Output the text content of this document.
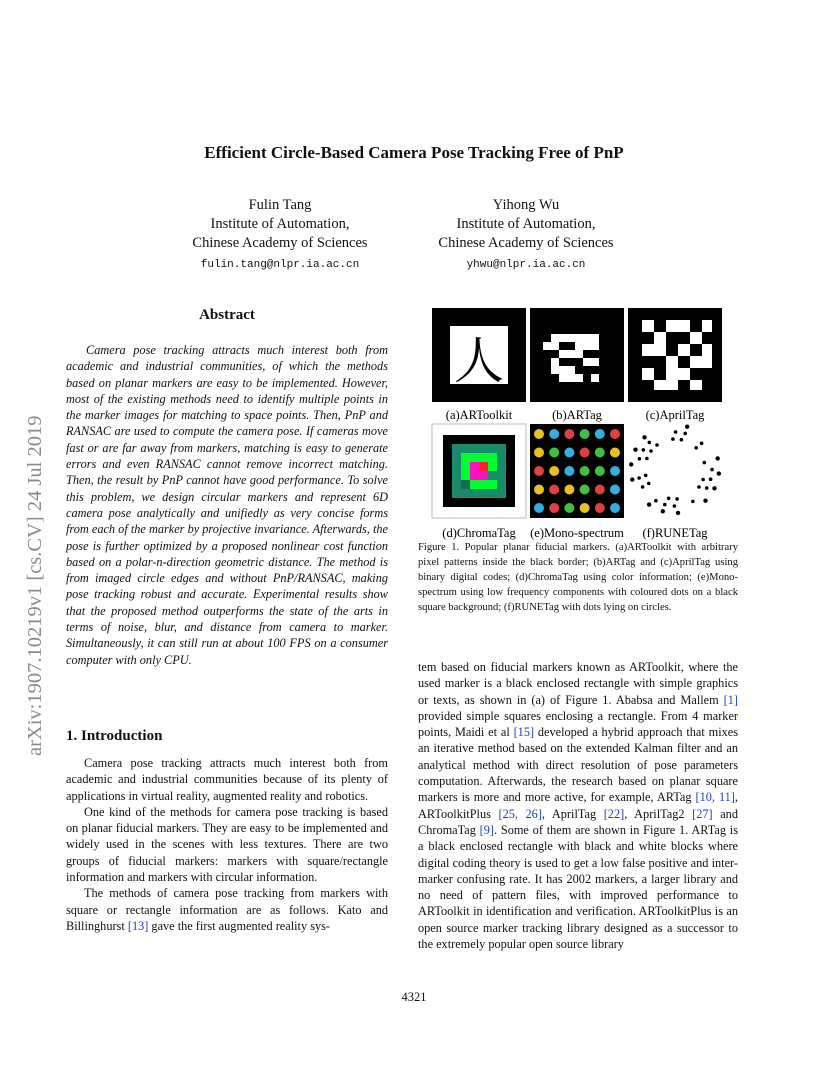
arXiv:1907.10219v1 [cs.CV] 24 Jul 2019
Efficient Circle-Based Camera Pose Tracking Free of PnP
Fulin Tang
Institute of Automation,
Chinese Academy of Sciences
fulin.tang@nlpr.ia.ac.cn
Yihong Wu
Institute of Automation,
Chinese Academy of Sciences
yhwu@nlpr.ia.ac.cn
Abstract

Camera pose tracking attracts much interest both from academic and industrial communities, of which the methods based on planar markers are easy to be implemented. However, most of the existing methods need to identify multiple points in the marker images for matching to space points. Then, PnP and RANSAC are used to compute the camera pose. If cameras move fast or are far away from markers, matching is easy to generate errors and even RANSAC cannot remove incorrect matching. Then, the result by PnP cannot have good performance. To solve this problem, we design circular markers and represent 6D camera pose analytically and unifiedly as very concise forms from each of the marker by projective invariance. Afterwards, the pose is further optimized by a proposed nonlinear cost function based on a polar-n-direction geometric distance. The method is from imaged circle edges and without PnP/RANSAC, making pose tracking robust and accurate. Experimental results show that the proposed method outperforms the state of the arts in terms of noise, blur, and distance from camera to marker. Simultaneously, it can still run at about 100 FPS on a consumer computer with only CPU.

1. Introduction

Camera pose tracking attracts much interest both from academic and industrial communities because of its plenty of applications in virtual reality, augmented reality and robotics.

One kind of the methods for camera pose tracking is based on planar fiducial markers. They are easy to be implemented and widely used in the scenes with less textures. There are two groups of fiducial markers: markers with square/rectangle information and markers with circular information.

The methods of camera pose tracking from markers with square or rectangle information are as follows. Kato and Billinghurst [13] gave the first augmented reality sys-

人
(a)ARToolkit	(b)ARTag	(c)AprilTag
(d)ChromaTag (e)Mono-spectrum (f)RUNETag

Figure 1. Popular planar fiducial markers. (a)ARToolkit with arbitrary pixel patterns inside the black border; (b)ARTag and (c)AprilTag using binary digital codes; (d)ChromaTag using color information; (e)Mono-spectrum using low frequency components with coloured dots on a black square background; (f)RUNETag with dots lying on circles.

tem based on fiducial markers known as ARToolkit, where the used marker is a black enclosed rectangle with simple graphics or texts, as shown in (a) of Figure 1. Ababsa and Mallem [1] provided simple squares enclosing a rectangle. From 4 marker points, Maidi et al [15] developed a hybrid approach that mixes an iterative method based on the extended Kalman filter and an analytical method with direct resolution of pose parameters computation. Afterwards, the research based on planar square markers is more and more active, for example, ARTag [10, 11], ARToolkitPlus [25, 26], AprilTag [22], AprilTag2 [27] and ChromaTag [9]. Some of them are shown in Figure 1. ARTag is a black enclosed rectangle with black and white blocks where digital coding theory is used to get a low false positive and inter-marker confusing rate. It has 2002 markers, a larger library and no need of pattern files, with improved performance to ARToolkit in identification and verification. ARToolkitPlus is an open source marker tracking library designed as a successor to the extremely popular open source library

4321
